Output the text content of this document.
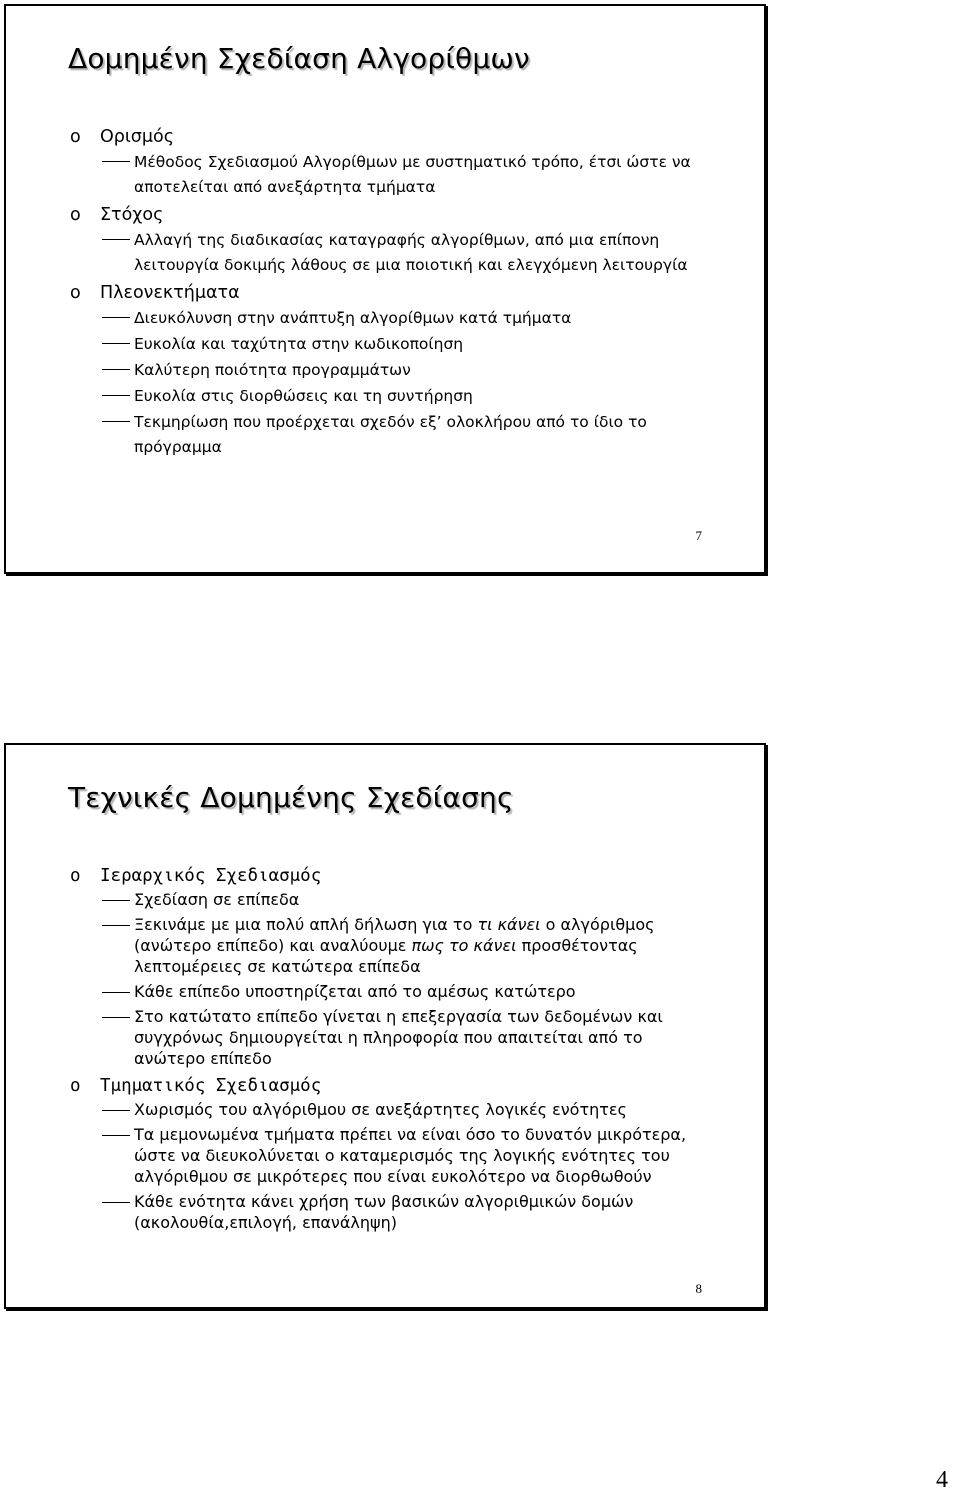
Δομημένη Σχεδίαση Αλγορίθμων
o Ορισμός
Μέθοδος Σχεδιασμού Αλγορίθμων με συστηματικό τρόπο, έτσι ώστε να αποτελείται από ανεξάρτητα τμήματα
o Στόχος
Αλλαγή της διαδικασίας καταγραφής αλγορίθμων, από μια επίπονη λειτουργία δοκιμής λάθους σε μια ποιοτική και ελεγχόμενη λειτουργία
o Πλεονεκτήματα
Διευκόλυνση στην ανάπτυξη αλγορίθμων κατά τμήματα
Ευκολία και ταχύτητα στην κωδικοποίηση
Καλύτερη ποιότητα προγραμμάτων
Ευκολία στις διορθώσεις και τη συντήρηση
Τεκμηρίωση που προέρχεται σχεδόν εξ’ ολοκλήρου από το ίδιο το πρόγραμμα
7
Τεχνικές Δομημένης Σχεδίασης
o Ιεραρχικός Σχεδιασμός
Σχεδίαση σε επίπεδα
Ξεκινάμε με μια πολύ απλή δήλωση για το τι κάνει ο αλγόριθμος (ανώτερο επίπεδο) και αναλύουμε πως το κάνει προσθέτοντας λεπτομέρειες σε κατώτερα επίπεδα
Κάθε επίπεδο υποστηρίζεται από το αμέσως κατώτερο
Στο κατώτατο επίπεδο γίνεται η επεξεργασία των δεδομένων και συγχρόνως δημιουργείται η πληροφορία που απαιτείται από το ανώτερο επίπεδο
o Τμηματικός Σχεδιασμός
Χωρισμός του αλγόριθμου σε ανεξάρτητες λογικές ενότητες
Τα μεμονωμένα τμήματα πρέπει να είναι όσο το δυνατόν μικρότερα, ώστε να διευκολύνεται ο καταμερισμός της λογικής ενότητες του αλγόριθμου σε μικρότερες που είναι ευκολότερο να διορθωθούν
Κάθε ενότητα κάνει χρήση των βασικών αλγοριθμικών δομών (ακολουθία,επιλογή, επανάληψη)
8
4
